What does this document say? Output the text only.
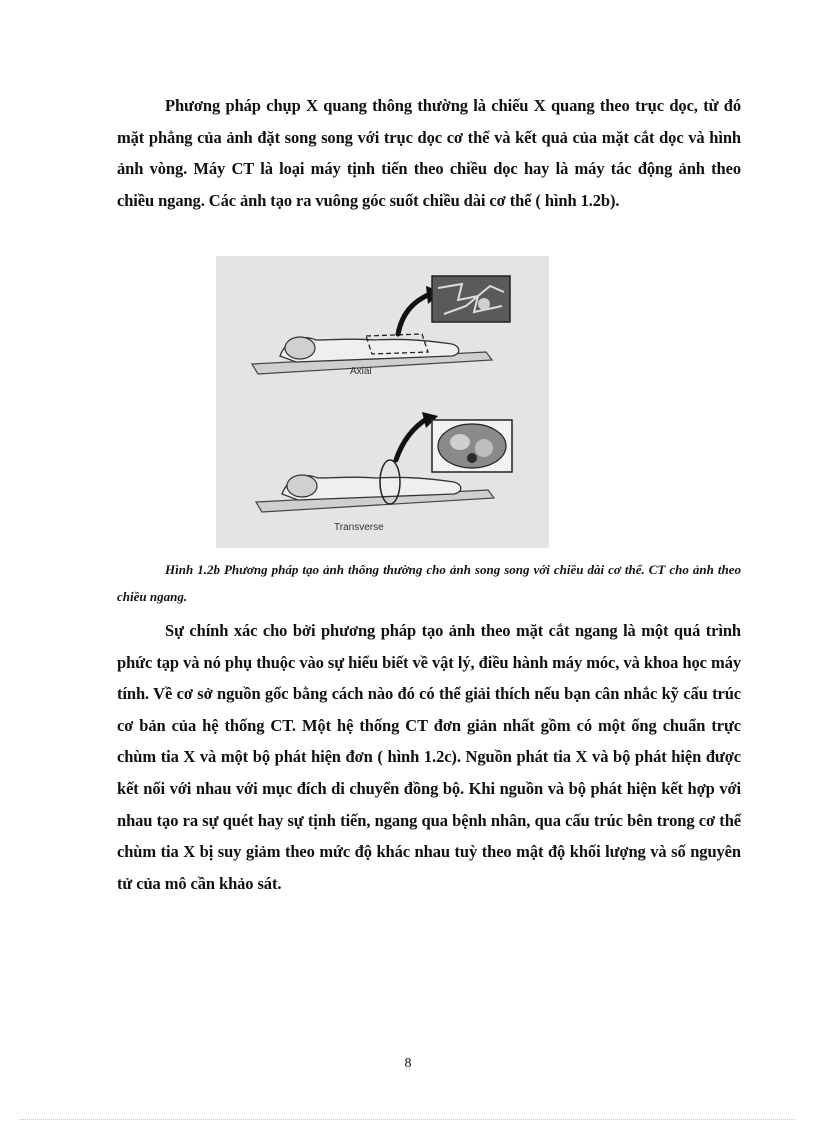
Phương pháp chụp X quang thông thường là chiếu X quang theo trục dọc, từ đó mặt phẳng của ảnh đặt song song với trục dọc cơ thể và kết quả của mặt cắt dọc và hình ảnh vòng. Máy CT là loại máy tịnh tiến theo chiều dọc hay là máy tác động ảnh theo chiều ngang. Các ảnh tạo ra vuông góc suốt chiều dài cơ thể ( hình 1.2b).

Axial
Transverse

Hình 1.2b Phương pháp tạo ảnh thông thường cho ảnh song song với chiều dài cơ thể. CT cho ảnh theo chiều ngang.

Sự chính xác cho bởi phương pháp tạo ảnh theo mặt cắt ngang là một quá trình phức tạp và nó phụ thuộc vào sự hiểu biết về vật lý, điều hành máy móc, và khoa học máy tính. Về cơ sở nguồn gốc bằng cách nào đó có thể giải thích nếu bạn cân nhắc kỹ cấu trúc cơ bản của hệ thống CT. Một hệ thống CT đơn giản nhất gồm có một ống chuẩn trực chùm tia X và một bộ phát hiện đơn ( hình 1.2c). Nguồn phát tia X và bộ phát hiện được kết nối với nhau với mục đích di chuyển đồng bộ. Khi nguồn và bộ phát hiện kết hợp với nhau tạo ra sự quét hay sự tịnh tiến, ngang qua bệnh nhân, qua cấu trúc bên trong cơ thể chùm tia X bị suy giảm theo mức độ khác nhau tuỳ theo mật độ khối lượng và số nguyên tử của mô cần khảo sát.

8
